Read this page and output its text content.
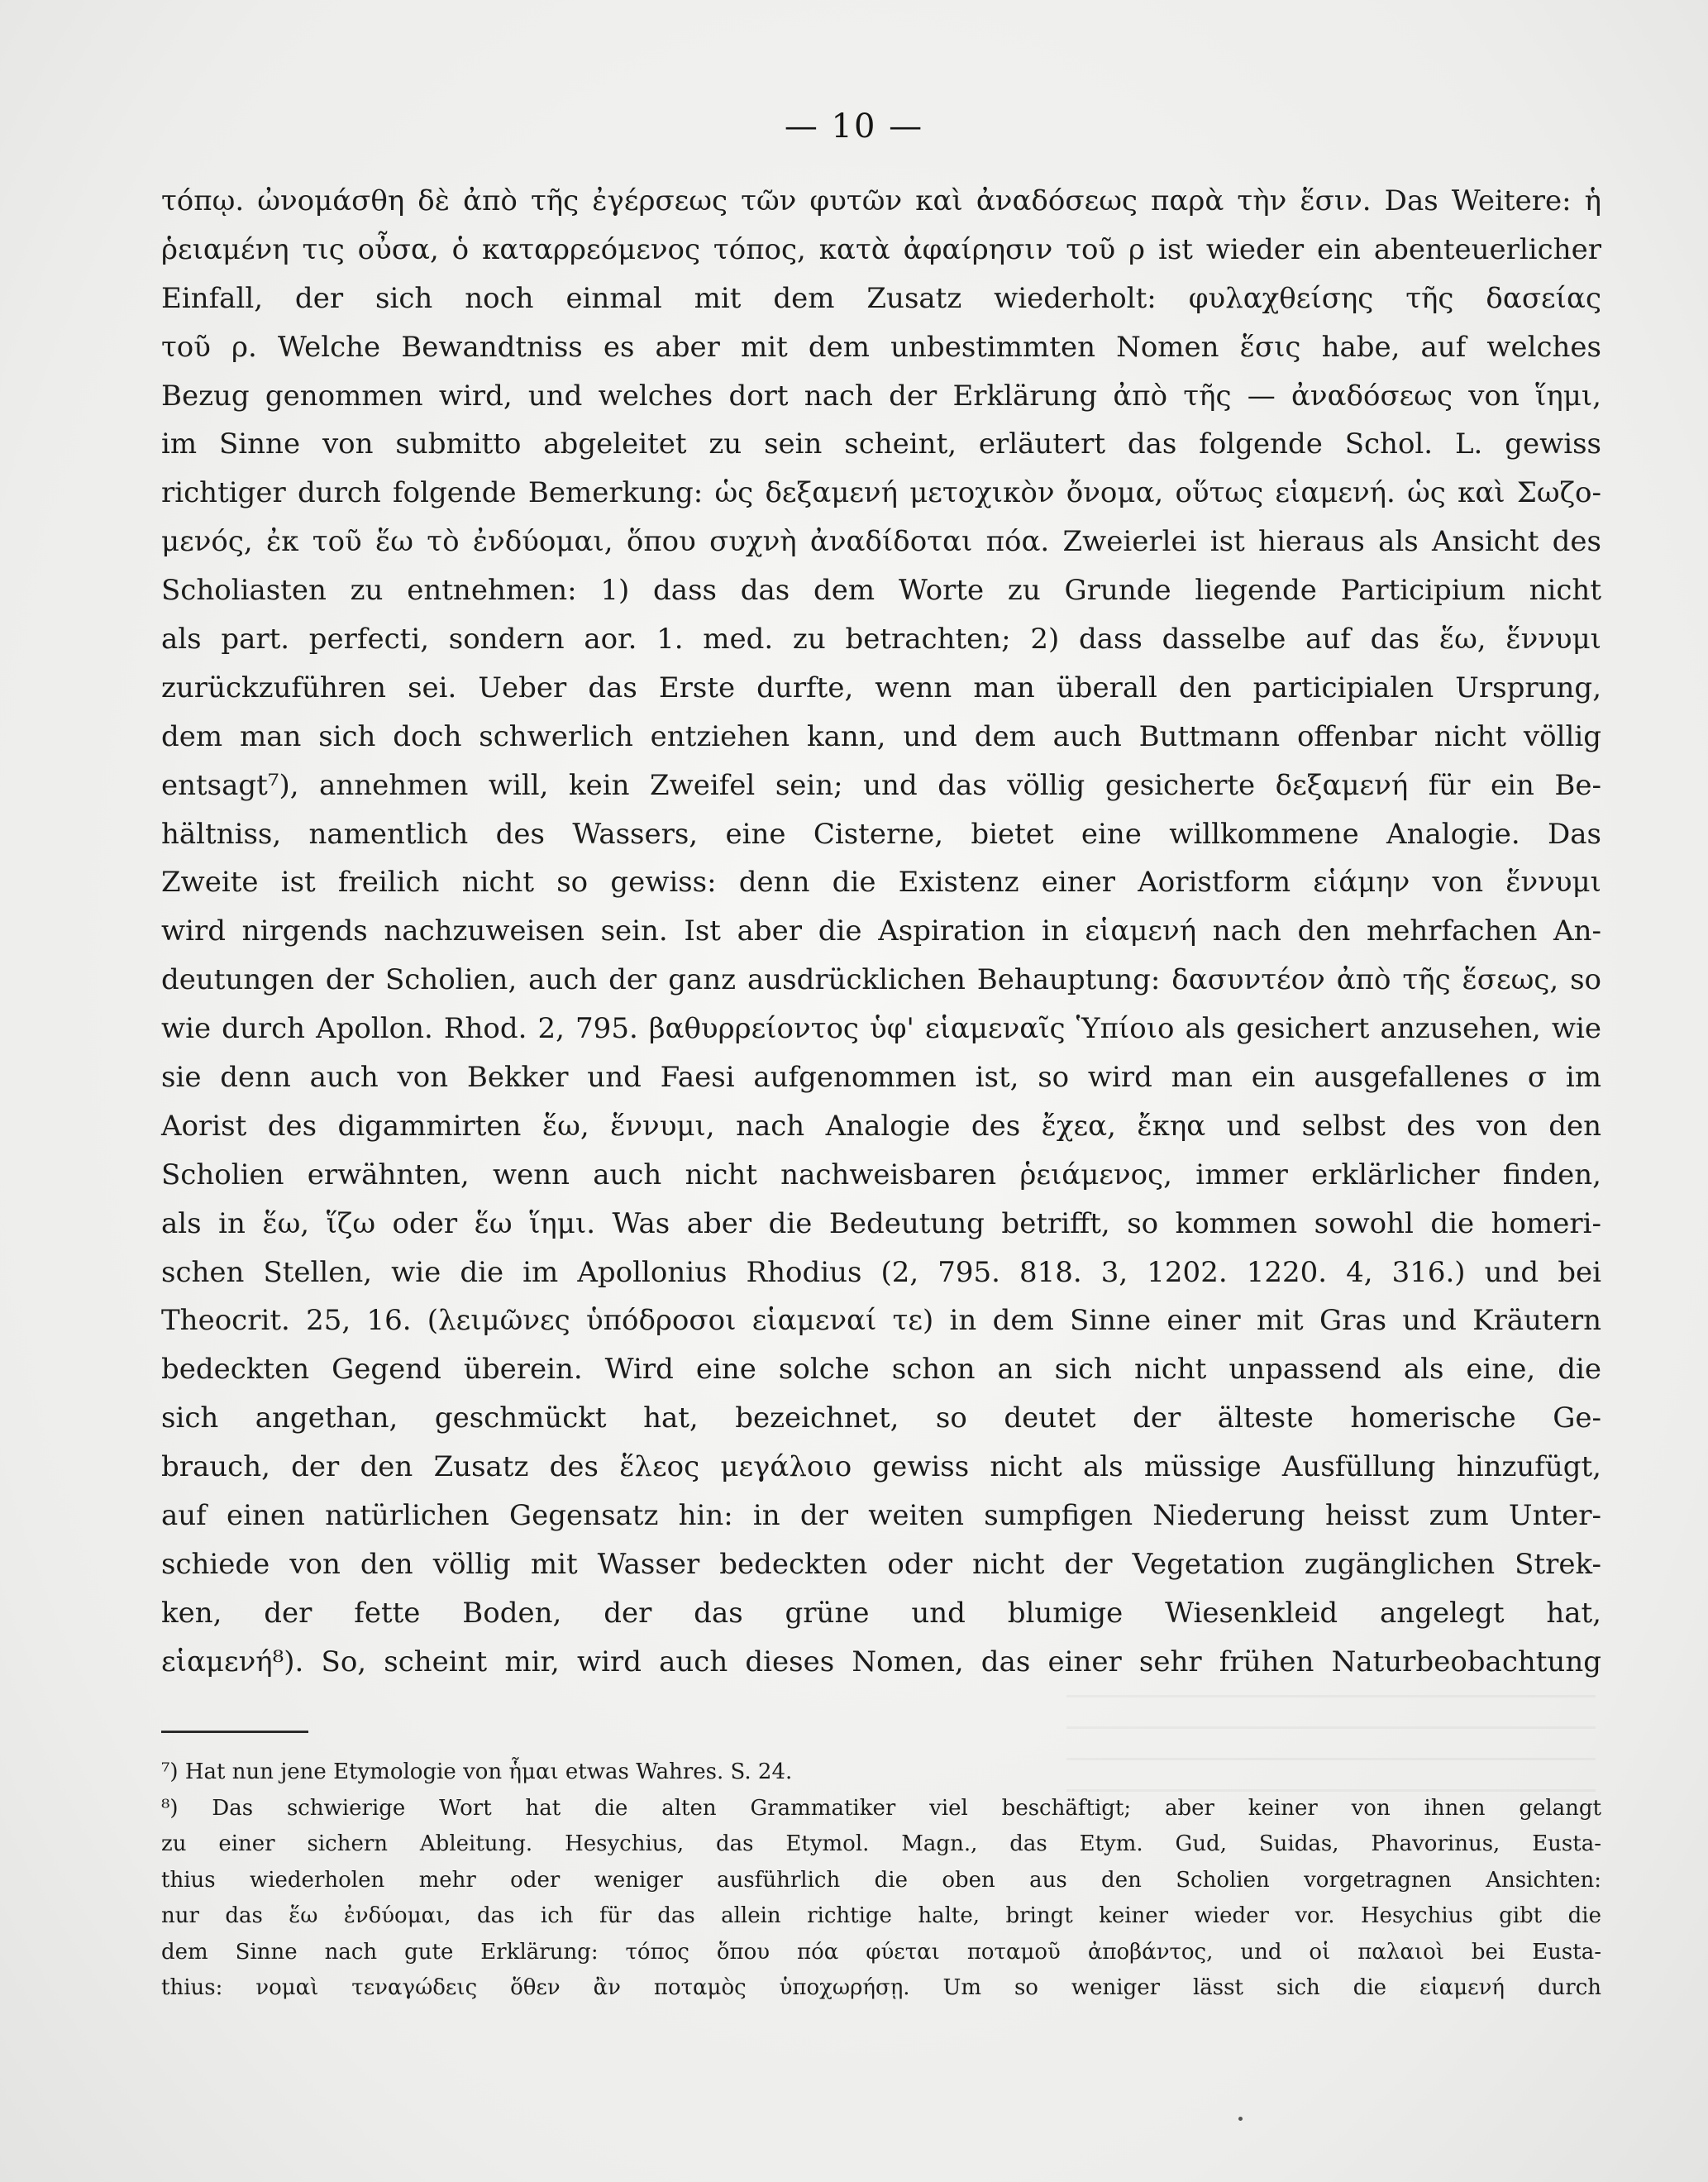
— 10 —
τόπῳ. ὠνομάσθη δὲ ἀπὸ τῆς ἐγέρσεως τῶν φυτῶν καὶ ἀναδόσεως παρὰ τὴν ἕσιν. Das Weitere: ἡ
ῥειαμένη τις οὖσα, ὁ καταρρεόμενος τόπος, κατὰ ἀφαίρησιν τοῦ ρ ist wieder ein abenteuerlicher
Einfall, der sich noch einmal mit dem Zusatz wiederholt: φυλαχθείσης τῆς δασείας
τοῦ ρ. Welche Bewandtniss es aber mit dem unbestimmten Nomen ἕσις habe, auf welches
Bezug genommen wird, und welches dort nach der Erklärung ἀπὸ τῆς — ἀναδόσεως von ἵημι,
im Sinne von submitto abgeleitet zu sein scheint, erläutert das folgende Schol. L. gewiss
richtiger durch folgende Bemerkung: ὡς δεξαμενή μετοχικὸν ὄνομα, οὕτως εἱαμενή. ὡς καὶ Σωζο-
μενός, ἐκ τοῦ ἕω τὸ ἐνδύομαι, ὅπου συχνὴ ἀναδίδοται πόα. Zweierlei ist hieraus als Ansicht des
Scholiasten zu entnehmen: 1) dass das dem Worte zu Grunde liegende Participium nicht
als part. perfecti, sondern aor. 1. med. zu betrachten; 2) dass dasselbe auf das ἕω, ἕννυμι
zurückzuführen sei. Ueber das Erste durfte, wenn man überall den participialen Ursprung,
dem man sich doch schwerlich entziehen kann, und dem auch Buttmann offenbar nicht völlig
entsagt⁷), annehmen will, kein Zweifel sein; und das völlig gesicherte δεξαμενή für ein Be-
hältniss, namentlich des Wassers, eine Cisterne, bietet eine willkommene Analogie. Das
Zweite ist freilich nicht so gewiss: denn die Existenz einer Aoristform εἱάμην von ἕννυμι
wird nirgends nachzuweisen sein. Ist aber die Aspiration in εἱαμενή nach den mehrfachen An-
deutungen der Scholien, auch der ganz ausdrücklichen Behauptung: δασυντέον ἀπὸ τῆς ἕσεως, so
wie durch Apollon. Rhod. 2, 795. βαθυρρείοντος ὑφ' εἱαμεναῖς Ὑπίοιο als gesichert anzusehen, wie
sie denn auch von Bekker und Faesi aufgenommen ist, so wird man ein ausgefallenes σ im
Aorist des digammirten ἕω, ἕννυμι, nach Analogie des ἔχεα, ἔκηα und selbst des von den
Scholien erwähnten, wenn auch nicht nachweisbaren ῥειάμενος, immer erklärlicher finden,
als in ἕω, ἵζω oder ἕω ἵημι. Was aber die Bedeutung betrifft, so kommen sowohl die homeri-
schen Stellen, wie die im Apollonius Rhodius (2, 795. 818. 3, 1202. 1220. 4, 316.) und bei
Theocrit. 25, 16. (λειμῶνες ὑπόδροσοι εἱαμεναί τε) in dem Sinne einer mit Gras und Kräutern
bedeckten Gegend überein. Wird eine solche schon an sich nicht unpassend als eine, die
sich angethan, geschmückt hat, bezeichnet, so deutet der älteste homerische Ge-
brauch, der den Zusatz des ἕλεος μεγάλοιο gewiss nicht als müssige Ausfüllung hinzufügt,
auf einen natürlichen Gegensatz hin: in der weiten sumpfigen Niederung heisst zum Unter-
schiede von den völlig mit Wasser bedeckten oder nicht der Vegetation zugänglichen Strek-
ken, der fette Boden, der das grüne und blumige Wiesenkleid angelegt hat,
εἱαμενή⁸). So, scheint mir, wird auch dieses Nomen, das einer sehr frühen Naturbeobachtung
⁷) Hat nun jene Etymologie von ἧμαι etwas Wahres. S. 24.
⁸) Das schwierige Wort hat die alten Grammatiker viel beschäftigt; aber keiner von ihnen gelangt
zu einer sichern Ableitung. Hesychius, das Etymol. Magn., das Etym. Gud, Suidas, Phavorinus, Eusta-
thius wiederholen mehr oder weniger ausführlich die oben aus den Scholien vorgetragnen Ansichten:
nur das ἕω ἐνδύομαι, das ich für das allein richtige halte, bringt keiner wieder vor. Hesychius gibt die
dem Sinne nach gute Erklärung: τόπος ὅπου πόα φύεται ποταμοῦ ἀποβάντος, und οἱ παλαιοὶ bei Eusta-
thius: νομαὶ τεναγώδεις ὅθεν ἂν ποταμὸς ὑποχωρήσῃ. Um so weniger lässt sich die εἱαμενή durch
